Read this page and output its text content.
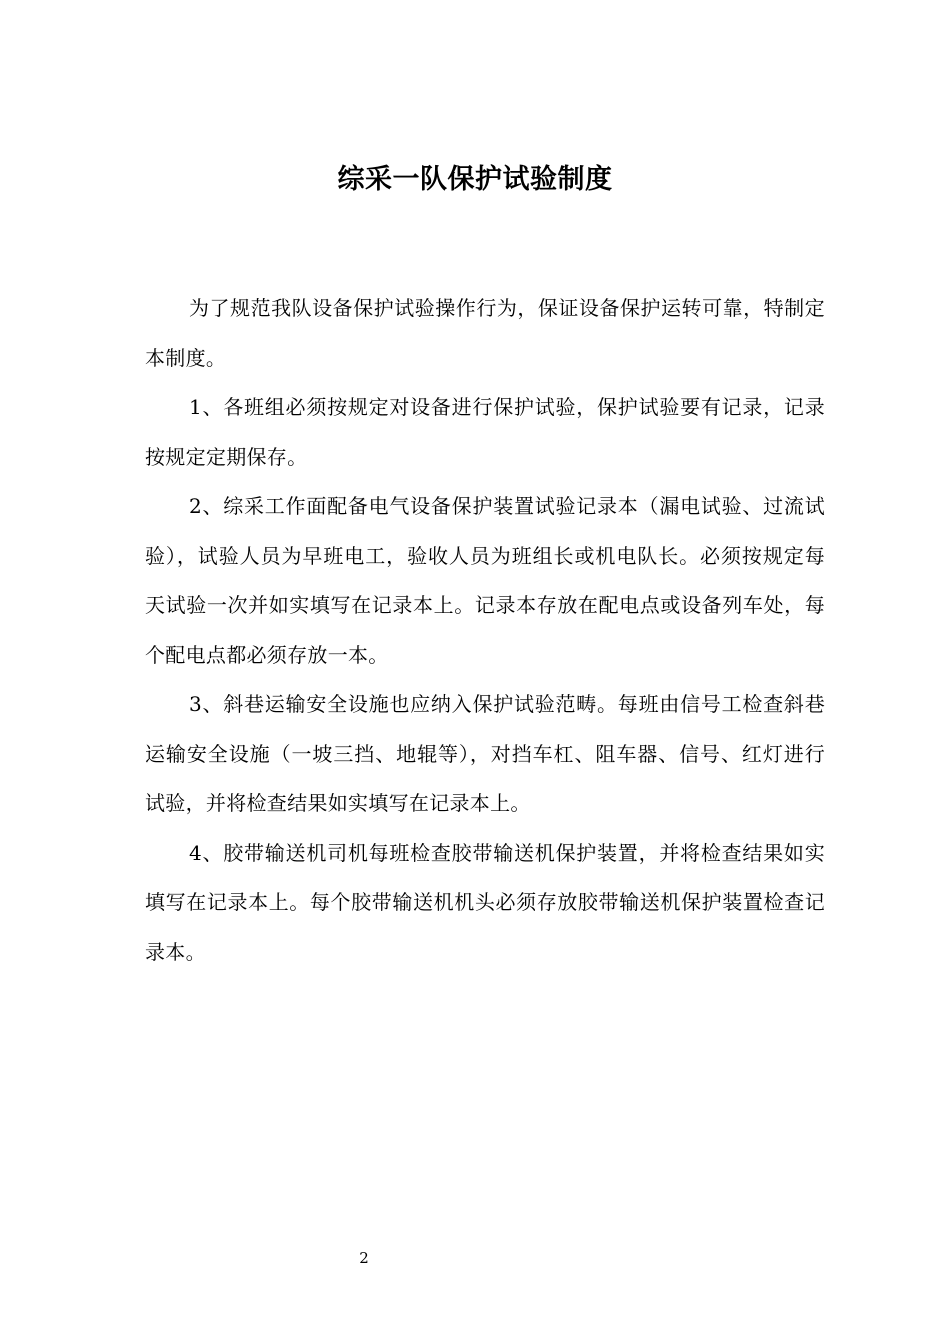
综采一队保护试验制度

为了规范我队设备保护试验操作行为，保证设备保护运转可靠，特制定本制度。

1、各班组必须按规定对设备进行保护试验，保护试验要有记录，记录按规定定期保存。

2、综采工作面配备电气设备保护装置试验记录本（漏电试验、过流试验），试验人员为早班电工，验收人员为班组长或机电队长。必须按规定每天试验一次并如实填写在记录本上。记录本存放在配电点或设备列车处，每个配电点都必须存放一本。

3、斜巷运输安全设施也应纳入保护试验范畴。每班由信号工检查斜巷运输安全设施（一坡三挡、地辊等），对挡车杠、阻车器、信号、红灯进行试验，并将检查结果如实填写在记录本上。

4、胶带输送机司机每班检查胶带输送机保护装置，并将检查结果如实填写在记录本上。每个胶带输送机机头必须存放胶带输送机保护装置检查记录本。

2
